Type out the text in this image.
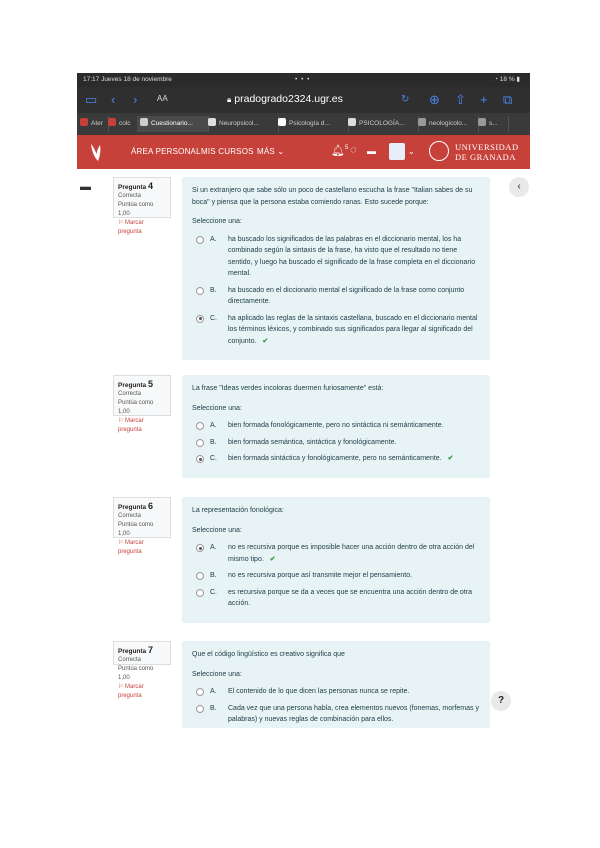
17:17 Jueves 18 de noviembre	• • •	◔ 18 % ▮
▭ ‹ › AA	🔒︎ pradogrado2324.ugr.es	↻ ⊕ ⇧ + ⧉
Ater	colc	Cuestionario...	Neuropsicol...	Psicología d...	PSICOLOGÍA...	neologicolo...	s...
ÁREA PERSONAL MIS CURSOS MÁS ⌄	🔔︎$^5$ ◌ ▬	⌄	UNIVERSIDAD
DE GRANADA
▬	‹
?
Pregunta 4
Correcta
Puntúa como 1,00
⚐ Marcar pregunta
Si un extranjero que sabe sólo un poco de castellano escucha la frase "Italian sabes de su boca" y piensa que la persona estaba comiendo ranas. Esto sucede porque:
Seleccione una:
A. ha buscado los significados de las palabras en el diccionario mental, los ha combinado según la sintaxis de la frase, ha visto que el resultado no tiene sentido, y luego ha buscado el significado de la frase completa en el diccionario mental.
B. ha buscado en el diccionario mental el significado de la frase como conjunto directamente.
C. ha aplicado las reglas de la sintaxis castellana, buscado en el diccionario mental los términos léxicos, y combinado sus significados para llegar al significado del conjunto. ✔
Pregunta 5
Correcta
Puntúa como 1,00
⚐ Marcar pregunta
La frase "Ideas verdes incoloras duermen furiosamente" está:
Seleccione una:
A. bien formada fonológicamente, pero no sintáctica ni semánticamente.
B. bien formada semántica, sintáctica y fonológicamente.
C. bien formada sintáctica y fonológicamente, pero no semánticamente. ✔
Pregunta 6
Correcta
Puntúa como 1,00
⚐ Marcar pregunta
La representación fonológica:
Seleccione una:
A. no es recursiva porque es imposible hacer una acción dentro de otra acción del mismo tipo. ✔
B. no es recursiva porque así transmite mejor el pensamiento.
C. es recursiva porque se da a veces que se encuentra una acción dentro de otra acción.
Pregunta 7
Correcta
Puntúa como 1,00
⚐ Marcar pregunta
Que el código lingüístico es creativo significa que
Seleccione una:
A. El contenido de lo que dicen las personas nunca se repite.
B. Cada vez que una persona habla, crea elementos nuevos (fonemas, morfemas y palabras) y nuevas reglas de combinación para ellos.
